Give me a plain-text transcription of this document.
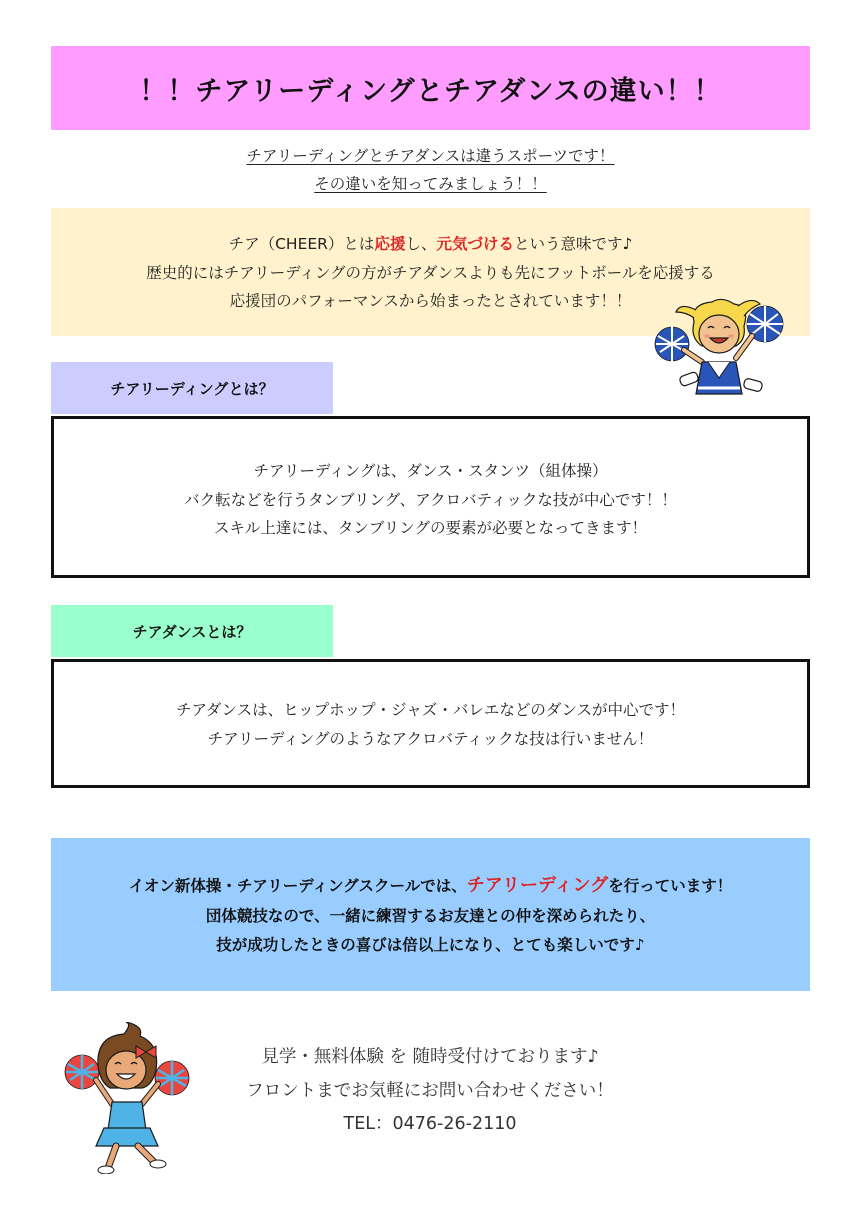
！！チアリーディングとチアダンスの違い！！
チアリーディングとチアダンスは違うスポーツです！
その違いを知ってみましょう！！
チア（CHEER）とは応援し、元気づけるという意味です♪
歴史的にはチアリーディングの方がチアダンスよりも先にフットボールを応援する
応援団のパフォーマンスから始まったとされています！！
チアリーディングとは？
チアリーディングは、ダンス・スタンツ（組体操）
バク転などを行うタンブリング、アクロバティックな技が中心です！！
スキル上達には、タンブリングの要素が必要となってきます！
チアダンスとは？
チアダンスは、ヒップホップ・ジャズ・バレエなどのダンスが中心です！
チアリーディングのようなアクロバティックな技は行いません！
イオン新体操・チアリーディングスクールでは、チアリーディングを行っています！
団体競技なので、一緒に練習するお友達との仲を深められたり、
技が成功したときの喜びは倍以上になり、とても楽しいです♪
見学・無料体験 を 随時受付けております♪
フロントまでお気軽にお問い合わせください！
TEL：0476-26-2110
